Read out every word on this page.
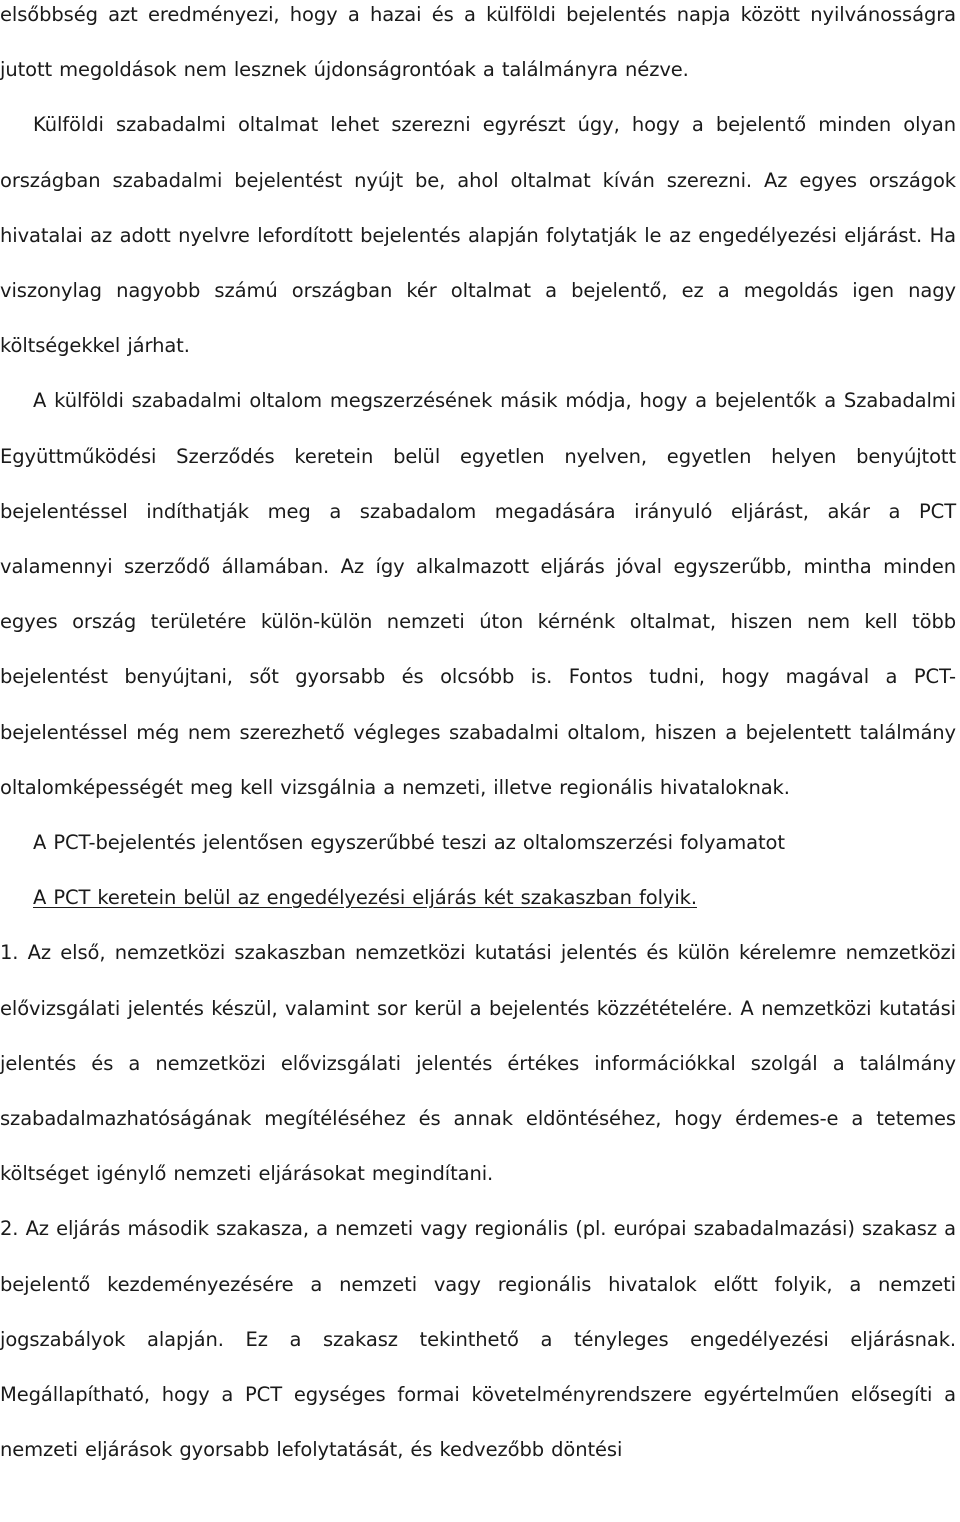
elsőbbség azt eredményezi, hogy a hazai és a külföldi bejelentés napja között nyilvánosságra jutott megoldások nem lesznek újdonságrontóak a találmányra nézve.

Külföldi szabadalmi oltalmat lehet szerezni egyrészt úgy, hogy a bejelentő minden olyan országban szabadalmi bejelentést nyújt be, ahol oltalmat kíván szerezni. Az egyes országok hivatalai az adott nyelvre lefordított bejelentés alapján folytatják le az engedélyezési eljárást. Ha viszonylag nagyobb számú országban kér oltalmat a bejelentő, ez a megoldás igen nagy költségekkel járhat.

A külföldi szabadalmi oltalom megszerzésének másik módja, hogy a bejelentők a Szabadalmi Együttműködési Szerződés keretein belül egyetlen nyelven, egyetlen helyen benyújtott bejelentéssel indíthatják meg a szabadalom megadására irányuló eljárást, akár a PCT valamennyi szerződő államában. Az így alkalmazott eljárás jóval egyszerűbb, mintha minden egyes ország területére külön-külön nemzeti úton kérnénk oltalmat, hiszen nem kell több bejelentést benyújtani, sőt gyorsabb és olcsóbb is. Fontos tudni, hogy magával a PCT-bejelentéssel még nem szerezhető végleges szabadalmi oltalom, hiszen a bejelentett találmány oltalomképességét meg kell vizsgálnia a nemzeti, illetve regionális hivataloknak.

A PCT-bejelentés jelentősen egyszerűbbé teszi az oltalomszerzési folyamatot

A PCT keretein belül az engedélyezési eljárás két szakaszban folyik.

1. Az első, nemzetközi szakaszban nemzetközi kutatási jelentés és külön kérelemre nemzetközi elővizsgálati jelentés készül, valamint sor kerül a bejelentés közzétételére. A nemzetközi kutatási jelentés és a nemzetközi elővizsgálati jelentés értékes információkkal szolgál a találmány szabadalmazhatóságának megítéléséhez és annak eldöntéséhez, hogy érdemes-e a tetemes költséget igénylő nemzeti eljárásokat megindítani.

2. Az eljárás második szakasza, a nemzeti vagy regionális (pl. európai szabadalmazási) szakasz a bejelentő kezdeményezésére a nemzeti vagy regionális hivatalok előtt folyik, a nemzeti jogszabályok alapján. Ez a szakasz tekinthető a tényleges engedélyezési eljárásnak. Megállapítható, hogy a PCT egységes formai követelményrendszere egyértelműen elősegíti a nemzeti eljárások gyorsabb lefolytatását, és kedvezőbb döntési
